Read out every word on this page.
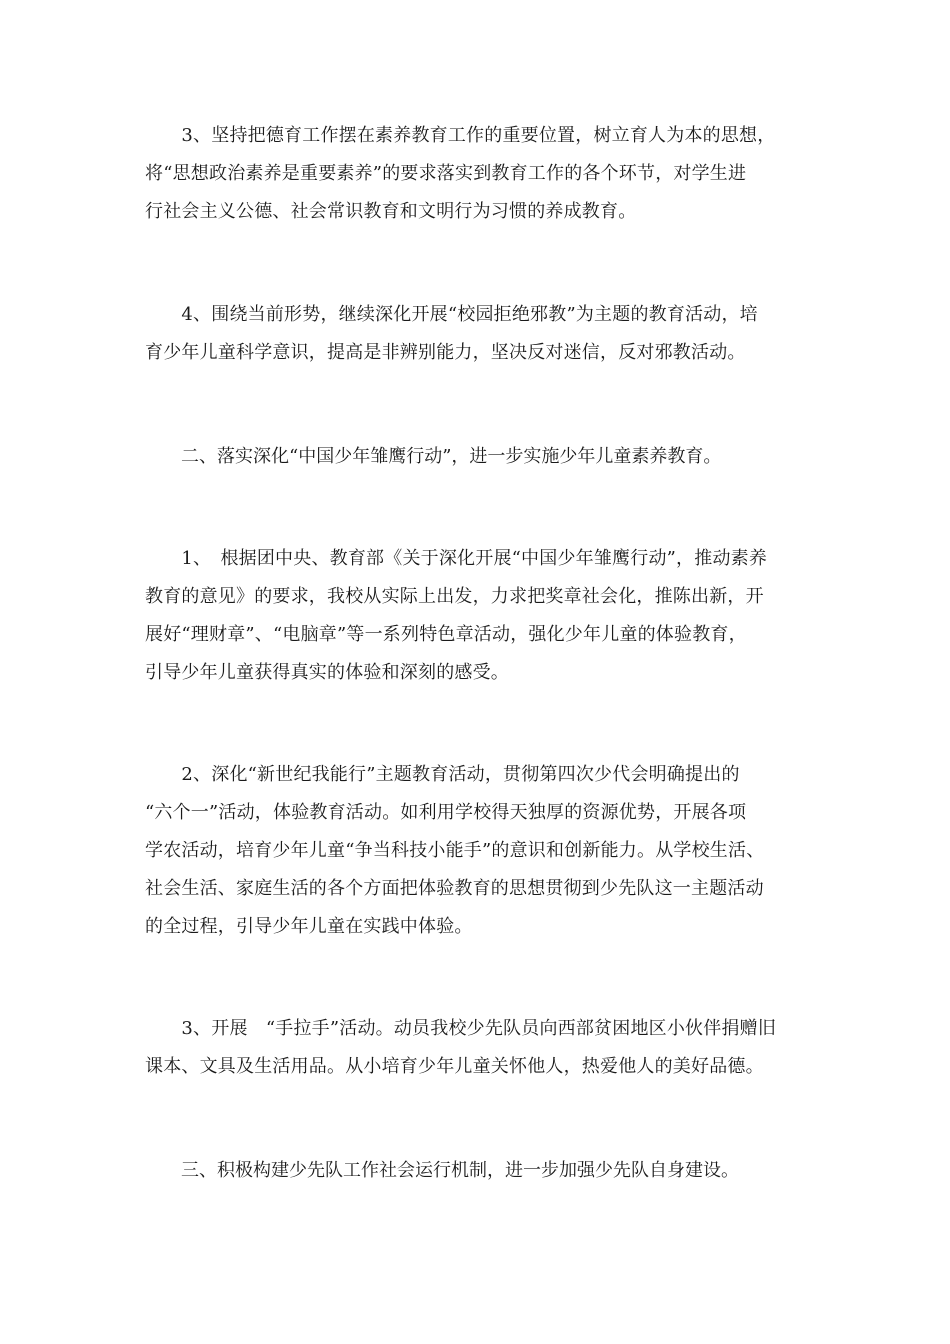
　　3、坚持把德育工作摆在素养教育工作的重要位置，树立育人为本的思想，
将“思想政治素养是重要素养”的要求落实到教育工作的各个环节，对学生进
行社会主义公德、社会常识教育和文明行为习惯的养成教育。

　　4、围绕当前形势，继续深化开展“校园拒绝邪教”为主题的教育活动，培
育少年儿童科学意识，提高是非辨别能力，坚决反对迷信，反对邪教活动。

　　二、落实深化“中国少年雏鹰行动”，进一步实施少年儿童素养教育。

　　1、　根据团中央、教育部《关于深化开展“中国少年雏鹰行动”，推动素养
教育的意见》的要求，我校从实际上出发，力求把奖章社会化，推陈出新，开
展好“理财章”、“电脑章”等一系列特色章活动，强化少年儿童的体验教育，
引导少年儿童获得真实的体验和深刻的感受。

　　2、深化“新世纪我能行”主题教育活动，贯彻第四次少代会明确提出的
“六个一”活动，体验教育活动。如利用学校得天独厚的资源优势，开展各项
学农活动，培育少年儿童“争当科技小能手”的意识和创新能力。从学校生活、
社会生活、家庭生活的各个方面把体验教育的思想贯彻到少先队这一主题活动
的全过程，引导少年儿童在实践中体验。

　　3、开展　“手拉手”活动。动员我校少先队员向西部贫困地区小伙伴捐赠旧
课本、文具及生活用品。从小培育少年儿童关怀他人，热爱他人的美好品德。

　　三、积极构建少先队工作社会运行机制，进一步加强少先队自身建设。
